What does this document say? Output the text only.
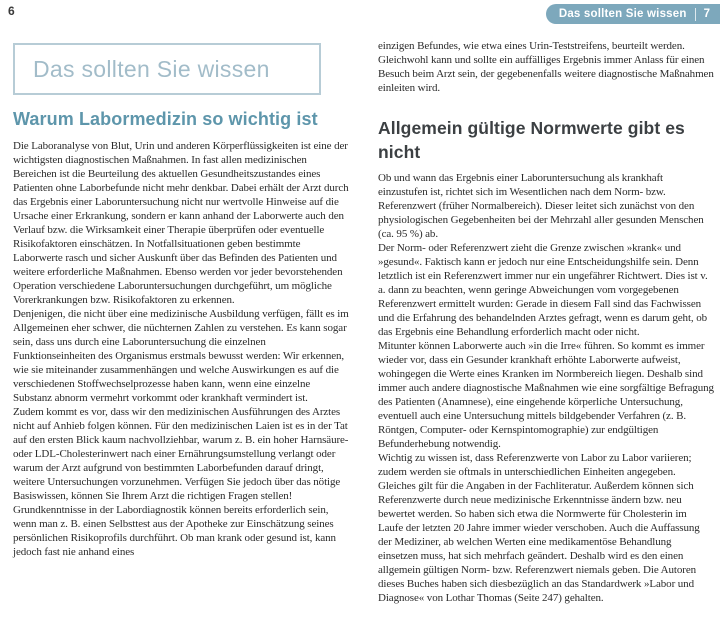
6	Das sollten Sie wissen 7
Das sollten Sie wissen
Warum Labormedizin so wichtig ist

Die Laboranalyse von Blut, Urin und anderen Körperflüssigkeiten ist eine der wichtigsten diagnostischen Maßnahmen. In fast allen medizinischen Bereichen ist die Beurteilung des aktuellen Gesundheitszustandes eines Patienten ohne Laborbefunde nicht mehr denkbar. Dabei erhält der Arzt durch das Ergebnis einer Laboruntersuchung nicht nur wertvolle Hinweise auf die Ursache einer Erkrankung, sondern er kann anhand der Laborwerte auch den Verlauf bzw. die Wirksamkeit einer Therapie überprüfen oder eventuelle Risikofaktoren einschätzen. In Notfallsituationen geben bestimmte Laborwerte rasch und sicher Auskunft über das Befinden des Patienten und weitere erforderliche Maßnahmen. Ebenso werden vor jeder bevorstehenden Operation verschiedene Laboruntersuchungen durchgeführt, um mögliche Vorerkrankungen bzw. Risikofaktoren zu erkennen.

Denjenigen, die nicht über eine medizinische Ausbildung verfügen, fällt es im Allgemeinen eher schwer, die nüchternen Zahlen zu verstehen. Es kann sogar sein, dass uns durch eine Laboruntersuchung die einzelnen Funktionseinheiten des Organismus erstmals bewusst werden: Wir erkennen, wie sie miteinander zusammenhängen und welche Auswirkungen es auf die verschiedenen Stoffwechselprozesse haben kann, wenn eine einzelne Substanz abnorm vermehrt vorkommt oder krankhaft vermindert ist.

Zudem kommt es vor, dass wir den medizinischen Ausführungen des Arztes nicht auf Anhieb folgen können. Für den medizinischen Laien ist es in der Tat auf den ersten Blick kaum nachvollziehbar, warum z. B. ein hoher Harnsäure- oder LDL-Cholesterinwert nach einer Ernährungsumstellung verlangt oder warum der Arzt aufgrund von bestimmten Laborbefunden darauf dringt, weitere Untersuchungen vorzunehmen. Verfügen Sie jedoch über das nötige Basiswissen, können Sie Ihrem Arzt die richtigen Fragen stellen! Grundkenntnisse in der Labordiagnostik können bereits erforderlich sein, wenn man z. B. einen Selbsttest aus der Apotheke zur Einschätzung seines persönlichen Risikoprofils durchführt. Ob man krank oder gesund ist, kann jedoch fast nie anhand eines

einzigen Befundes, wie etwa eines Urin-Teststreifens, beurteilt werden. Gleichwohl kann und sollte ein auffälliges Ergebnis immer Anlass für einen Besuch beim Arzt sein, der gegebenenfalls weitere diagnostische Maßnahmen einleiten wird.

Allgemein gültige Normwerte gibt es nicht

Ob und wann das Ergebnis einer Laboruntersuchung als krankhaft einzustufen ist, richtet sich im Wesentlichen nach dem Norm- bzw. Referenzwert (früher Normalbereich). Dieser leitet sich zunächst von den physiologischen Gegebenheiten bei der Mehrzahl aller gesunden Menschen (ca. 95 %) ab.

Der Norm- oder Referenzwert zieht die Grenze zwischen »krank« und »gesund«. Faktisch kann er jedoch nur eine Entscheidungshilfe sein. Denn letztlich ist ein Referenzwert immer nur ein ungefährer Richtwert. Dies ist v. a. dann zu beachten, wenn geringe Abweichungen vom vorgegebenen Referenzwert ermittelt wurden: Gerade in diesem Fall sind das Fachwissen und die Erfahrung des behandelnden Arztes gefragt, wenn es darum geht, ob das Ergebnis eine Behandlung erforderlich macht oder nicht.

Mitunter können Laborwerte auch »in die Irre« führen. So kommt es immer wieder vor, dass ein Gesunder krankhaft erhöhte Laborwerte aufweist, wohingegen die Werte eines Kranken im Normbereich liegen. Deshalb sind immer auch andere diagnostische Maßnahmen wie eine sorgfältige Befragung des Patienten (Anamnese), eine eingehende körperliche Untersuchung, eventuell auch eine Untersuchung mittels bildgebender Verfahren (z. B. Röntgen, Computer- oder Kernspintomographie) zur endgültigen Befunderhebung notwendig.

Wichtig zu wissen ist, dass Referenzwerte von Labor zu Labor variieren; zudem werden sie oftmals in unterschiedlichen Einheiten angegeben. Gleiches gilt für die Angaben in der Fachliteratur. Außerdem können sich Referenzwerte durch neue medizinische Erkenntnisse ändern bzw. neu bewertet werden. So haben sich etwa die Normwerte für Cholesterin im Laufe der letzten 20 Jahre immer wieder verschoben. Auch die Auffassung der Mediziner, ab welchen Werten eine medikamentöse Behandlung einsetzen muss, hat sich mehrfach geändert. Deshalb wird es den einen allgemein gültigen Norm- bzw. Referenzwert niemals geben. Die Autoren dieses Buches haben sich diesbezüglich an das Standardwerk »Labor und Diagnose« von Lothar Thomas (Seite 247) gehalten.
